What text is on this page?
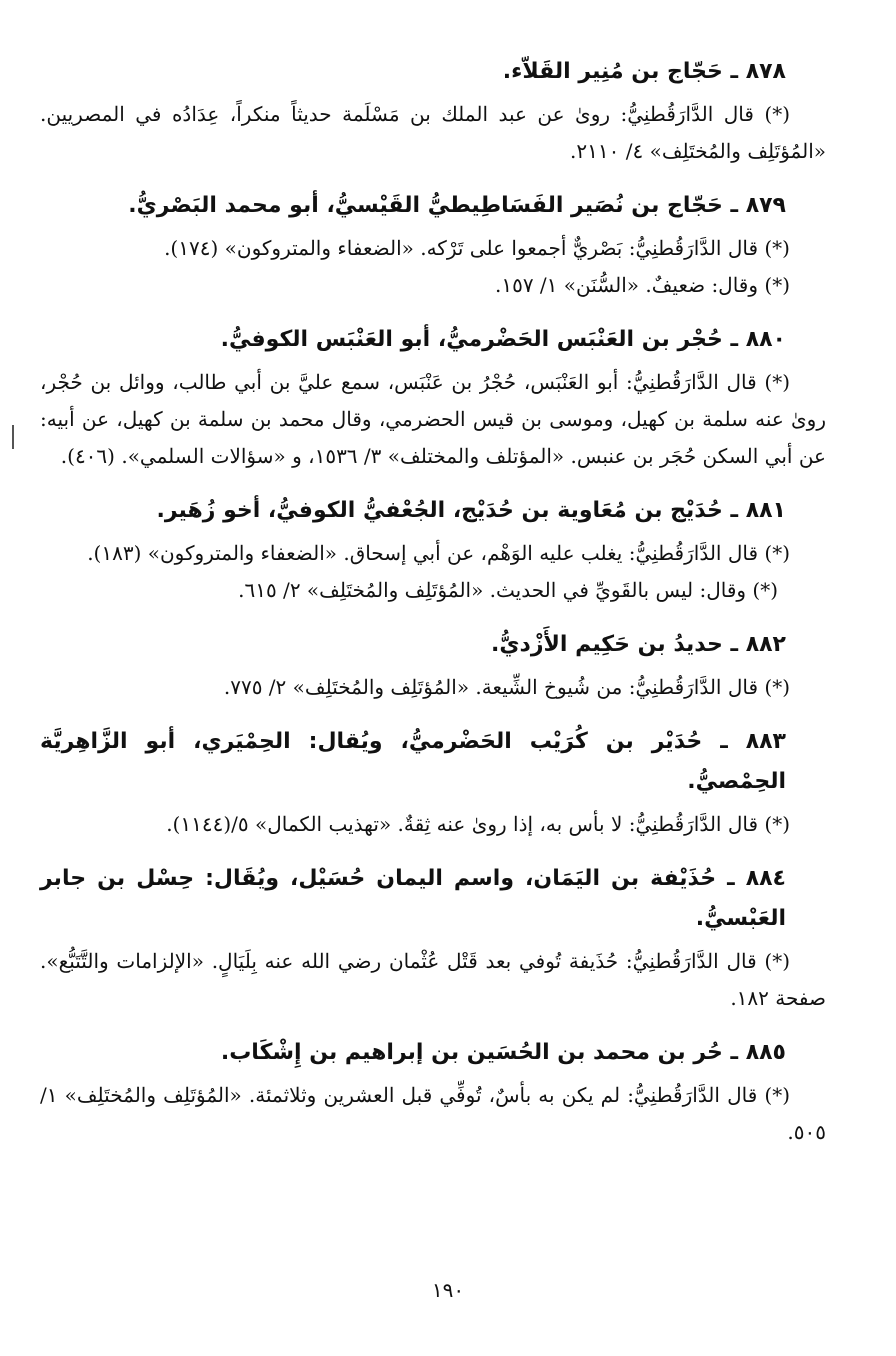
٨٧٨ ـ حَجّاج بن مُنِير القَلاّء.

(*) قال الدَّارَقُطنِيُّ: روىٰ عن عبد الملك بن مَسْلَمة حديثاً منكراً، عِدَادُه في المصريين. «المُؤتَلِف والمُختَلِف» ٤/ ٢١١٠.

٨٧٩ ـ حَجّاج بن نُصَير الفَسَاطِيطيُّ القَيْسيُّ، أبو محمد البَصْريُّ.

(*) قال الدَّارَقُطنِيُّ: بَصْريٌّ أجمعوا على تَرْكه. «الضعفاء والمتروكون» (١٧٤).

(*) وقال: ضعيفٌ. «السُّنَن» ١/ ١٥٧.

٨٨٠ ـ حُجْر بن العَنْبَس الحَضْرميُّ، أبو العَنْبَس الكوفيُّ.

(*) قال الدَّارَقُطنِيُّ: أبو العَنْبَس، حُجْرُ بن عَنْبَس، سمع عليَّ بن أبي طالب، ووائل بن حُجْر، روىٰ عنه سلمة بن كهيل، وموسى بن قيس الحضرمي، وقال محمد بن سلمة بن كهيل، عن أبيه: عن أبي السكن حُجَر بن عنبس. «المؤتلف والمختلف» ٣/ ١٥٣٦، و «سؤالات السلمي». (٤٠٦).

٨٨١ ـ حُدَيْج بن مُعَاوية بن حُدَيْج، الجُعْفيُّ الكوفيُّ، أخو زُهَير.

(*) قال الدَّارَقُطنِيُّ: يغلب عليه الوَهْم، عن أبي إسحاق. «الضعفاء والمتروكون» (١٨٣).

(*) وقال: ليس بالقَويِّ في الحديث. «المُؤتَلِف والمُختَلِف» ٢/ ٦١٥.

٨٨٢ ـ حديدُ بن حَكِيم الأَزْديُّ.

(*) قال الدَّارَقُطنِيُّ: من شُيوخ الشِّيعة. «المُؤتَلِف والمُختَلِف» ٢/ ٧٧٥.

٨٨٣ ـ حُدَيْر بن كُرَيْب الحَضْرميُّ، ويُقال: الحِمْيَري، أبو الزَّاهِريَّة الحِمْصيُّ.

(*) قال الدَّارَقُطنِيُّ: لا بأس به، إذا روىٰ عنه ثِقةٌ. «تهذيب الكمال» ٥/(١١٤٤).

٨٨٤ ـ حُذَيْفة بن اليَمَان، واسم اليمان حُسَيْل، ويُقَال: حِسْل بن جابر العَبْسيُّ.

(*) قال الدَّارَقُطنِيُّ: حُذَيفة تُوفي بعد قَتْل عُثْمان رضي الله عنه بِلَيَالٍ. «الإلزامات والتَّتَبُّع». صفحة ١٨٢.

٨٨٥ ـ حُر بن محمد بن الحُسَين بن إبراهيم بن إِشْكَاب.

(*) قال الدَّارَقُطنِيُّ: لم يكن به بأسٌ، تُوفِّي قبل العشرين وثلاثمئة. «المُؤتَلِف والمُختَلِف» ١/ ٥٠٥.

١٩٠
